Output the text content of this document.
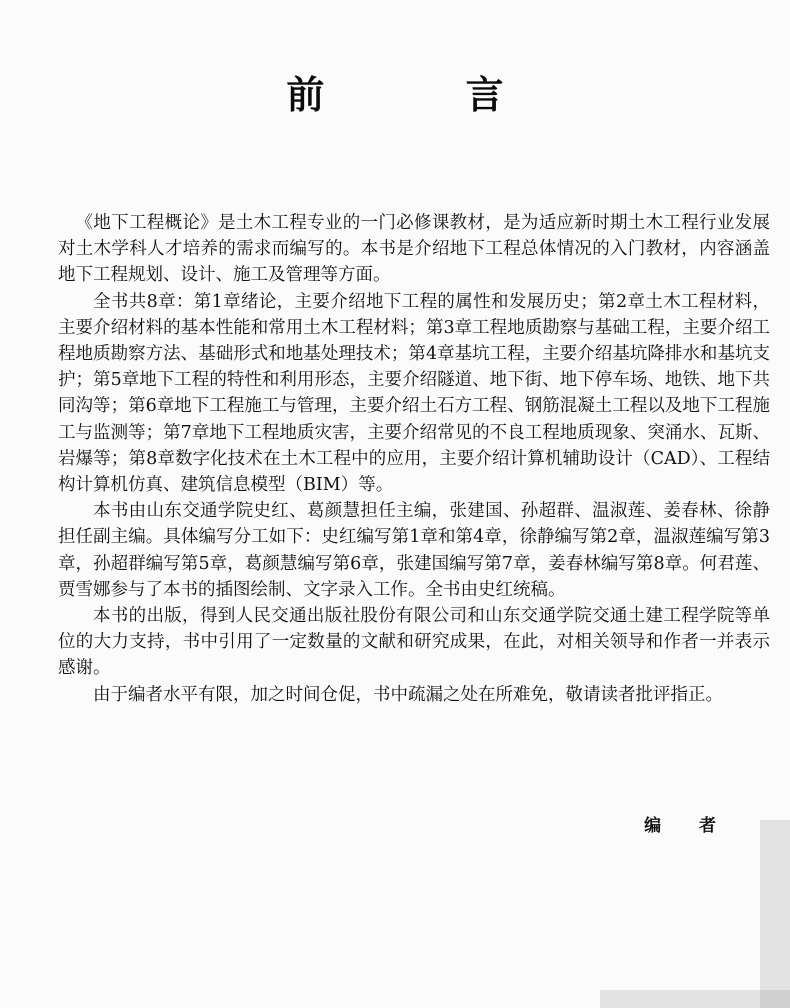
前 言

《地下工程概论》是土木工程专业的一门必修课教材，是为适应新时期土木工程行业发展对土木学科人才培养的需求而编写的。本书是介绍地下工程总体情况的入门教材，内容涵盖地下工程规划、设计、施工及管理等方面。

全书共8章：第1章绪论，主要介绍地下工程的属性和发展历史；第2章土木工程材料，主要介绍材料的基本性能和常用土木工程材料；第3章工程地质勘察与基础工程，主要介绍工程地质勘察方法、基础形式和地基处理技术；第4章基坑工程，主要介绍基坑降排水和基坑支护；第5章地下工程的特性和利用形态，主要介绍隧道、地下街、地下停车场、地铁、地下共同沟等；第6章地下工程施工与管理，主要介绍土石方工程、钢筋混凝土工程以及地下工程施工与监测等；第7章地下工程地质灾害，主要介绍常见的不良工程地质现象、突涌水、瓦斯、岩爆等；第8章数字化技术在土木工程中的应用，主要介绍计算机辅助设计（CAD）、工程结构计算机仿真、建筑信息模型（BIM）等。

本书由山东交通学院史红、葛颜慧担任主编，张建国、孙超群、温淑莲、姜春林、徐静担任副主编。具体编写分工如下：史红编写第1章和第4章，徐静编写第2章，温淑莲编写第3章，孙超群编写第5章，葛颜慧编写第6章，张建国编写第7章，姜春林编写第8章。何君莲、贾雪娜参与了本书的插图绘制、文字录入工作。全书由史红统稿。

本书的出版，得到人民交通出版社股份有限公司和山东交通学院交通土建工程学院等单位的大力支持，书中引用了一定数量的文献和研究成果，在此，对相关领导和作者一并表示感谢。

由于编者水平有限，加之时间仓促，书中疏漏之处在所难免，敬请读者批评指正。

编 者
